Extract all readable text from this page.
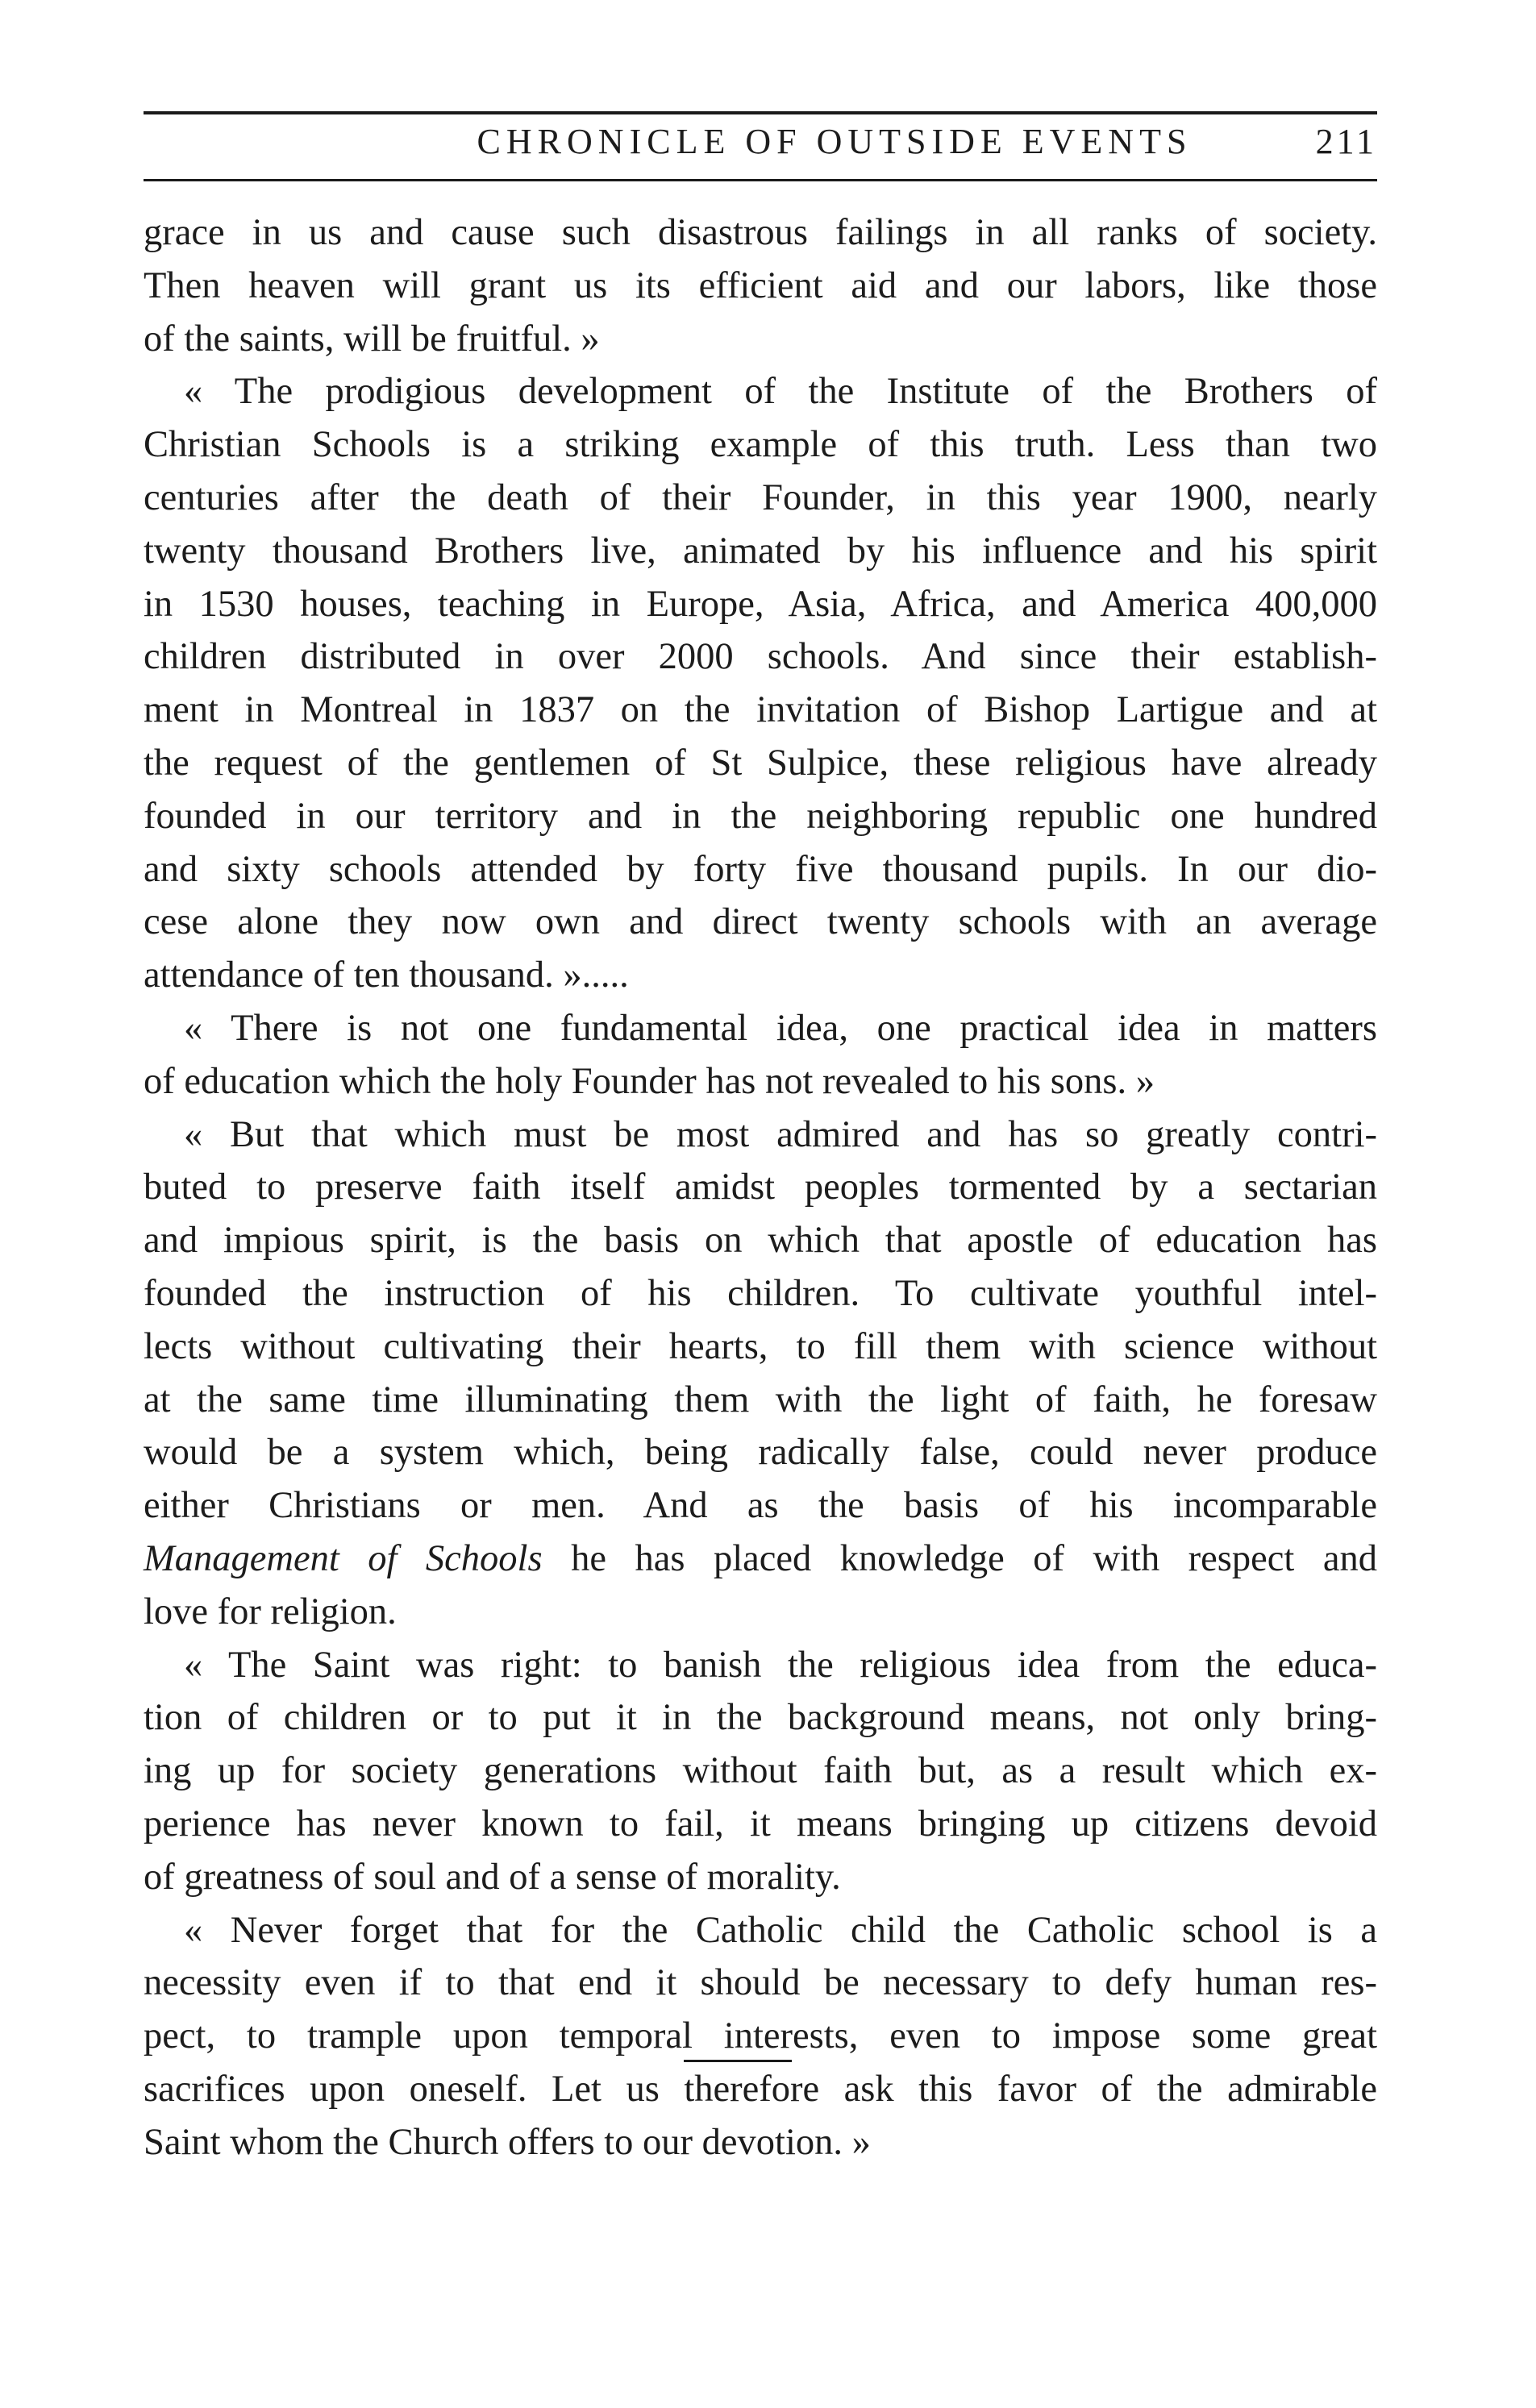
CHRONICLE OF OUTSIDE EVENTS	211
grace in us and cause such disastrous failings in all ranks of society.
Then heaven will grant us its efficient aid and our labors, like those
of the saints, will be fruitful. »
« The prodigious development of the Institute of the Brothers of
Christian Schools is a striking example of this truth. Less than two
centuries after the death of their Founder, in this year 1900, nearly
twenty thousand Brothers live, animated by his influence and his spirit
in 1530 houses, teaching in Europe, Asia, Africa, and America 400,000
children distributed in over 2000 schools. And since their establish-
ment in Montreal in 1837 on the invitation of Bishop Lartigue and at
the request of the gentlemen of St Sulpice, these religious have already
founded in our territory and in the neighboring republic one hundred
and sixty schools attended by forty five thousand pupils. In our dio-
cese alone they now own and direct twenty schools with an average
attendance of ten thousand. ».....
« There is not one fundamental idea, one practical idea in matters
of education which the holy Founder has not revealed to his sons. »
« But that which must be most admired and has so greatly contri-
buted to preserve faith itself amidst peoples tormented by a sectarian
and impious spirit, is the basis on which that apostle of education has
founded the instruction of his children. To cultivate youthful intel-
lects without cultivating their hearts, to fill them with science without
at the same time illuminating them with the light of faith, he foresaw
would be a system which, being radically false, could never produce
either Christians or men. And as the basis of his incomparable
Management of Schools he has placed knowledge of with respect and
love for religion.
« The Saint was right: to banish the religious idea from the educa-
tion of children or to put it in the background means, not only bring-
ing up for society generations without faith but, as a result which ex-
perience has never known to fail, it means bringing up citizens devoid
of greatness of soul and of a sense of morality.
« Never forget that for the Catholic child the Catholic school is a
necessity even if to that end it should be necessary to defy human res-
pect, to trample upon temporal interests, even to impose some great
sacrifices upon oneself. Let us therefore ask this favor of the admirable
Saint whom the Church offers to our devotion. »
